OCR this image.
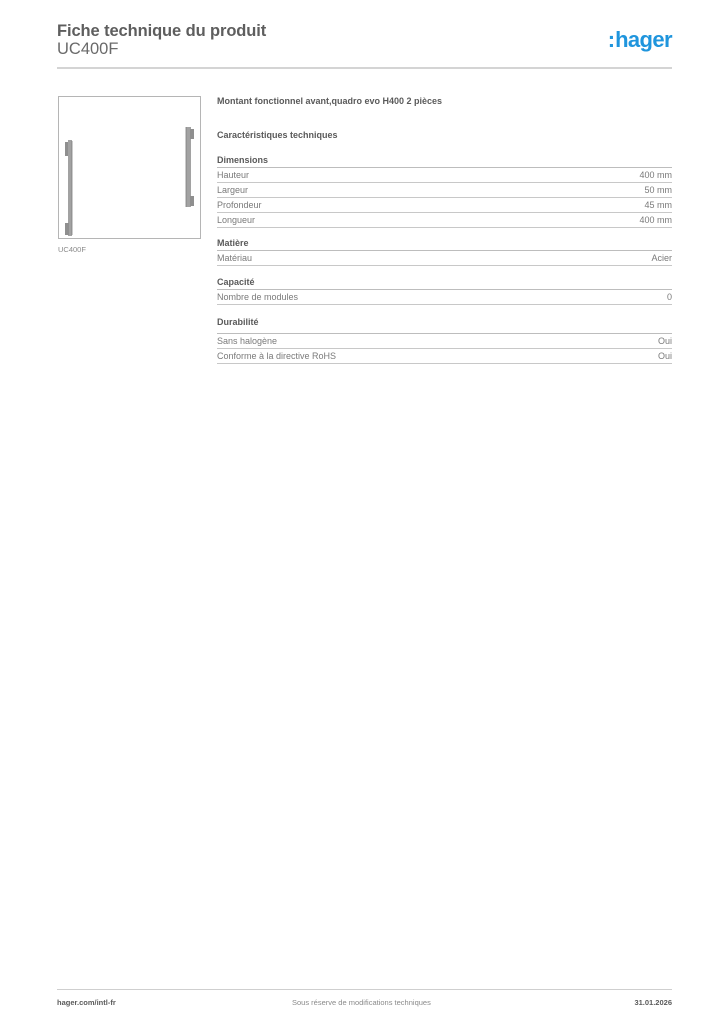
Fiche technique du produit
UC400F	:hager
UC400F
Montant fonctionnel avant,quadro evo H400 2 pièces
Caractéristiques techniques
Dimensions
Hauteur	400 mm
Largeur	50 mm
Profondeur	45 mm
Longueur	400 mm
Matière
Matériau	Acier
Capacité
Nombre de modules	0
Durabilité
Sans halogène	Oui
Conforme à la directive RoHS	Oui
hager.com/intl-fr	Sous réserve de modifications techniques	31.01.2026
